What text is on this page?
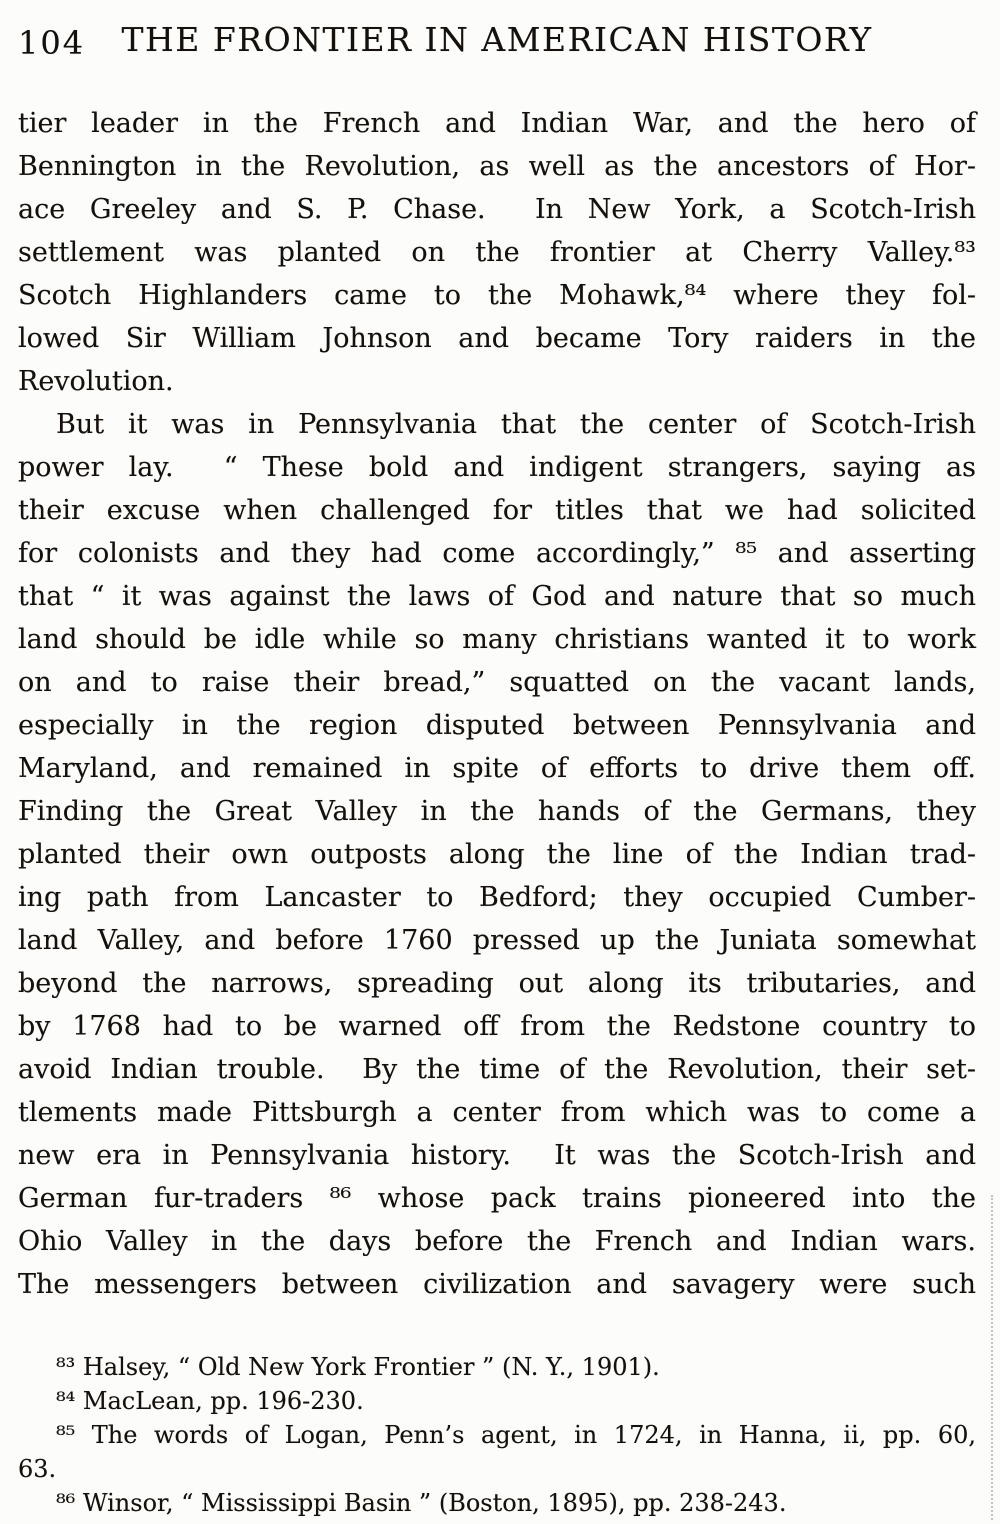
104	THE FRONTIER IN AMERICAN HISTORY
tier leader in the French and Indian War, and the hero of
Bennington in the Revolution, as well as the ancestors of Hor-
ace Greeley and S. P. Chase.  In New York, a Scotch-Irish
settlement was planted on the frontier at Cherry Valley.⁸³
Scotch Highlanders came to the Mohawk,⁸⁴ where they fol-
lowed Sir William Johnson and became Tory raiders in the
Revolution.
But it was in Pennsylvania that the center of Scotch-Irish
power lay.  “ These bold and indigent strangers, saying as
their excuse when challenged for titles that we had solicited
for colonists and they had come accordingly,” ⁸⁵ and asserting
that “ it was against the laws of God and nature that so much
land should be idle while so many christians wanted it to work
on and to raise their bread,” squatted on the vacant lands,
especially in the region disputed between Pennsylvania and
Maryland, and remained in spite of efforts to drive them off.
Finding the Great Valley in the hands of the Germans, they
planted their own outposts along the line of the Indian trad-
ing path from Lancaster to Bedford; they occupied Cumber-
land Valley, and before 1760 pressed up the Juniata somewhat
beyond the narrows, spreading out along its tributaries, and
by 1768 had to be warned off from the Redstone country to
avoid Indian trouble.  By the time of the Revolution, their set-
tlements made Pittsburgh a center from which was to come a
new era in Pennsylvania history.  It was the Scotch-Irish and
German fur-traders ⁸⁶ whose pack trains pioneered into the
Ohio Valley in the days before the French and Indian wars.
The messengers between civilization and savagery were such
⁸³ Halsey, “ Old New York Frontier ” (N. Y., 1901).
⁸⁴ MacLean, pp. 196-230.
⁸⁵ The words of Logan, Penn’s agent, in 1724, in Hanna, ii, pp. 60,
63.
⁸⁶ Winsor, “ Mississippi Basin ” (Boston, 1895), pp. 238-243.
